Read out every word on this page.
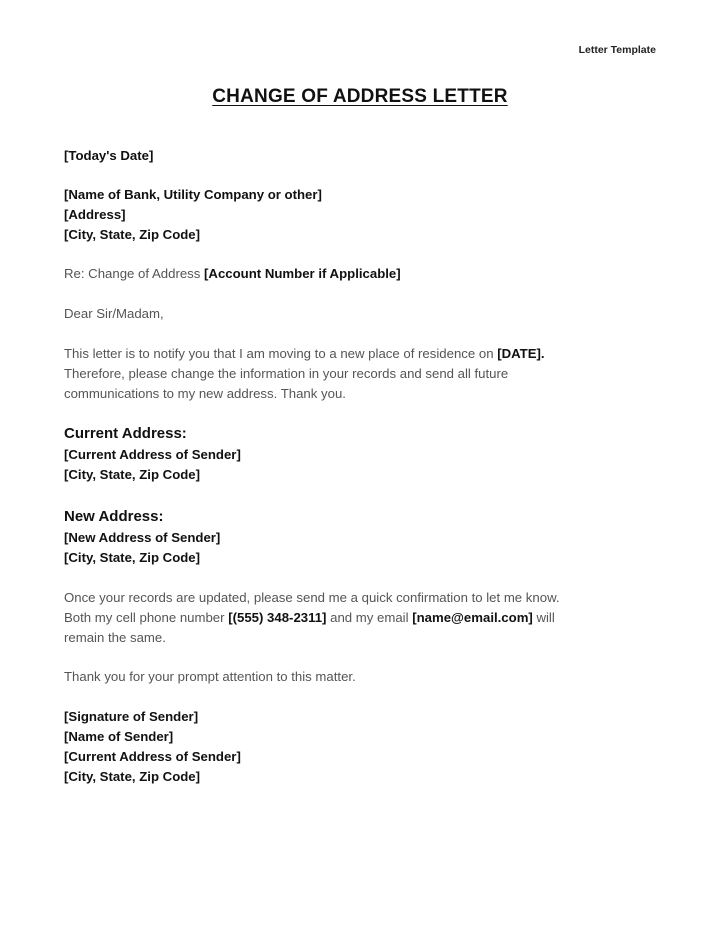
Letter Template
CHANGE OF ADDRESS LETTER
[Today's Date]
[Name of Bank, Utility Company or other]
[Address]
[City, State, Zip Code]
Re: Change of Address [Account Number if Applicable]
Dear Sir/Madam,
This letter is to notify you that I am moving to a new place of residence on [DATE].
Therefore, please change the information in your records and send all future
communications to my new address. Thank you.
Current Address:
[Current Address of Sender]
[City, State, Zip Code]
New Address:
[New Address of Sender]
[City, State, Zip Code]
Once your records are updated, please send me a quick confirmation to let me know.
Both my cell phone number [(555) 348-2311] and my email [name@email.com] will
remain the same.
Thank you for your prompt attention to this matter.
[Signature of Sender]
[Name of Sender]
[Current Address of Sender]
[City, State, Zip Code]
